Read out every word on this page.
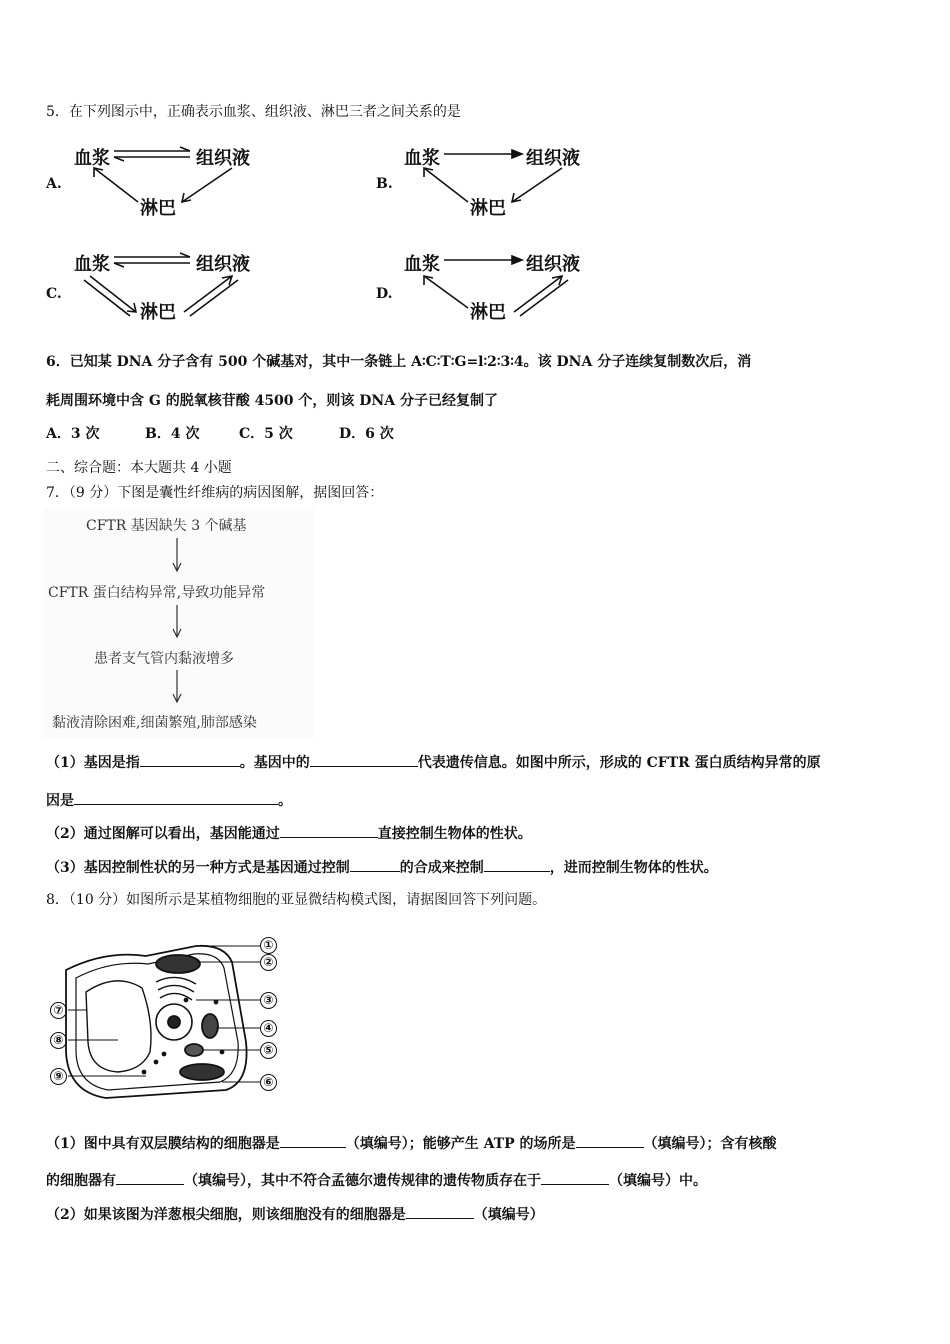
5．在下列图示中，正确表示血浆、组织液、淋巴三者之间关系的是
A.
血浆	组织液
淋巴
B.
血浆	组织液
淋巴
C.
血浆	组织液
淋巴
D.
血浆	组织液
淋巴
6．已知某 DNA 分子含有 500 个碱基对，其中一条链上 A∶C∶T∶G=l∶2∶3∶4。该 DNA 分子连续复制数次后，消
耗周围环境中含 G 的脱氧核苷酸 4500 个，则该 DNA 分子已经复制了
A．3 次	B．4 次	C．5 次	D．6 次
二、综合题：本大题共 4 小题
7．（9 分）下图是囊性纤维病的病因图解，据图回答：
CFTR 基因缺失 3 个碱基
CFTR 蛋白结构异常,导致功能异常
患者支气管内黏液增多
黏液清除困难,细菌繁殖,肺部感染
（1）基因是指	。基因中的	代表遗传信息。如图中所示，形成的 CFTR 蛋白质结构异常的原
因是	。
（2）通过图解可以看出，基因能通过	直接控制生物体的性状。
（3）基因控制性状的另一种方式是基因通过控制	的合成来控制	，进而控制生物体的性状。
8．（10 分）如图所示是某植物细胞的亚显微结构模式图，请据图回答下列问题。
①
②
③
④
⑤
⑥
⑦
⑧
⑨
（1）图中具有双层膜结构的细胞器是	（填编号）；能够产生 ATP 的场所是	（填编号）；含有核酸
的细胞器有	（填编号），其中不符合孟德尔遗传规律的遗传物质存在于	（填编号）中。
（2）如果该图为洋葱根尖细胞，则该细胞没有的细胞器是	（填编号）
